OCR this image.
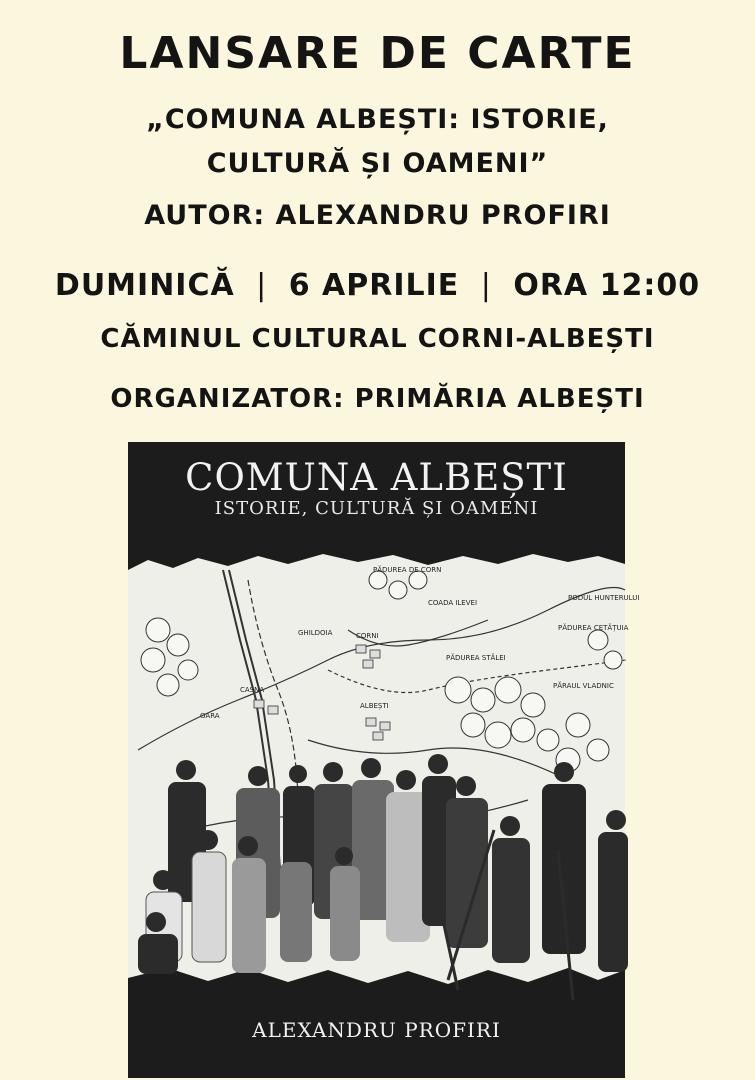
LANSARE DE CARTE
„COMUNA ALBEȘTI: ISTORIE,
CULTURĂ ȘI OAMENI”
AUTOR: ALEXANDRU PROFIRI
DUMINICĂ | 6 APRILIE | ORA 12:00
CĂMINUL CULTURAL CORNI-ALBEȘTI
ORGANIZATOR: PRIMĂRIA ALBEȘTI
COMUNA ALBEȘTI
ISTORIE, CULTURĂ ȘI OAMENI
PĂDUREA DE CORN
PODUL HUNTERULUI
CORNI
COADA ILEVEI
PĂDUREA CETĂȚUIA
GHILDOIA
PĂDUREA STĂLEI
PĂRAUL VLADNIC
CASNA
GARA
ALBEȘTI
ALEXANDRU PROFIRI
